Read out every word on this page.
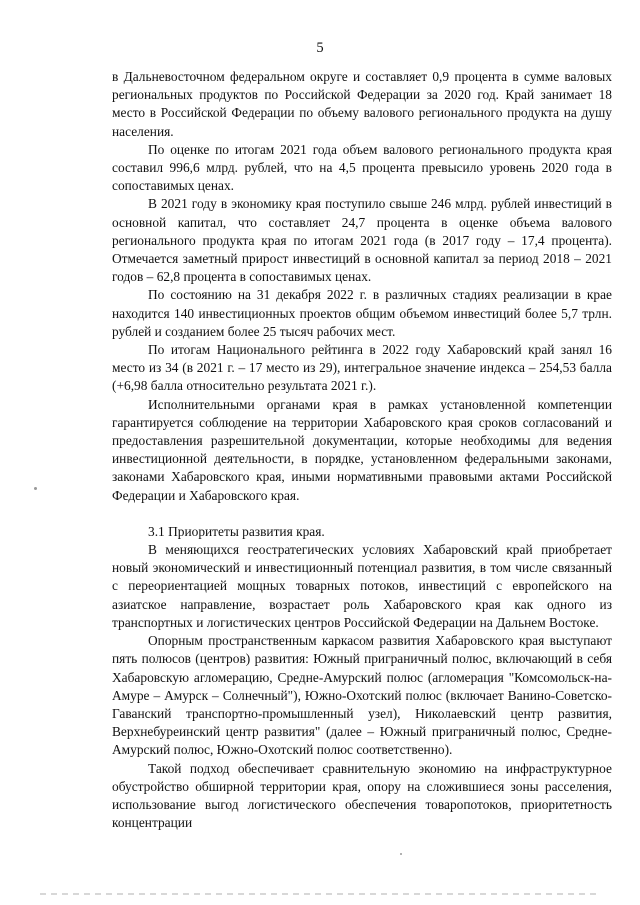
5

в Дальневосточном федеральном округе и составляет 0,9 процента в сумме валовых региональных продуктов по Российской Федерации за 2020 год. Край занимает 18 место в Российской Федерации по объему валового регионального продукта на душу населения.

По оценке по итогам 2021 года объем валового регионального продукта края составил 996,6 млрд. рублей, что на 4,5 процента превысило уровень 2020 года в сопоставимых ценах.

В 2021 году в экономику края поступило свыше 246 млрд. рублей инвестиций в основной капитал, что составляет 24,7 процента в оценке объема валового регионального продукта края по итогам 2021 года (в 2017 году – 17,4 процента). Отмечается заметный прирост инвестиций в основной капитал за период 2018 – 2021 годов – 62,8 процента в сопоставимых ценах.

По состоянию на 31 декабря 2022 г. в различных стадиях реализации в крае находится 140 инвестиционных проектов общим объемом инвестиций более 5,7 трлн. рублей и созданием более 25 тысяч рабочих мест.

По итогам Национального рейтинга в 2022 году Хабаровский край занял 16 место из 34 (в 2021 г. – 17 место из 29), интегральное значение индекса – 254,53 балла (+6,98 балла относительно результата 2021 г.).

Исполнительными органами края в рамках установленной компетенции гарантируется соблюдение на территории Хабаровского края сроков согласований и предоставления разрешительной документации, которые необходимы для ведения инвестиционной деятельности, в порядке, установленном федеральными законами, законами Хабаровского края, иными нормативными правовыми актами Российской Федерации и Хабаровского края.

3.1 Приоритеты развития края.

В меняющихся геостратегических условиях Хабаровский край приобретает новый экономический и инвестиционный потенциал развития, в том числе связанный с переориентацией мощных товарных потоков, инвестиций с европейского на азиатское направление, возрастает роль Хабаровского края как одного из транспортных и логистических центров Российской Федерации на Дальнем Востоке.

Опорным пространственным каркасом развития Хабаровского края выступают пять полюсов (центров) развития: Южный приграничный полюс, включающий в себя Хабаровскую агломерацию, Средне-Амурский полюс (агломерация "Комсомольск-на-Амуре – Амурск – Солнечный"), Южно-Охотский полюс (включает Ванино-Советско-Гаванский транспортно-промышленный узел), Николаевский центр развития, Верхнебуреинский центр развития" (далее – Южный приграничный полюс, Средне-Амурский полюс, Южно-Охотский полюс соответственно).

Такой подход обеспечивает сравнительную экономию на инфраструктурное обустройство обширной территории края, опору на сложившиеся зоны расселения, использование выгод логистического обеспечения товаропотоков, приоритетность концентрации
